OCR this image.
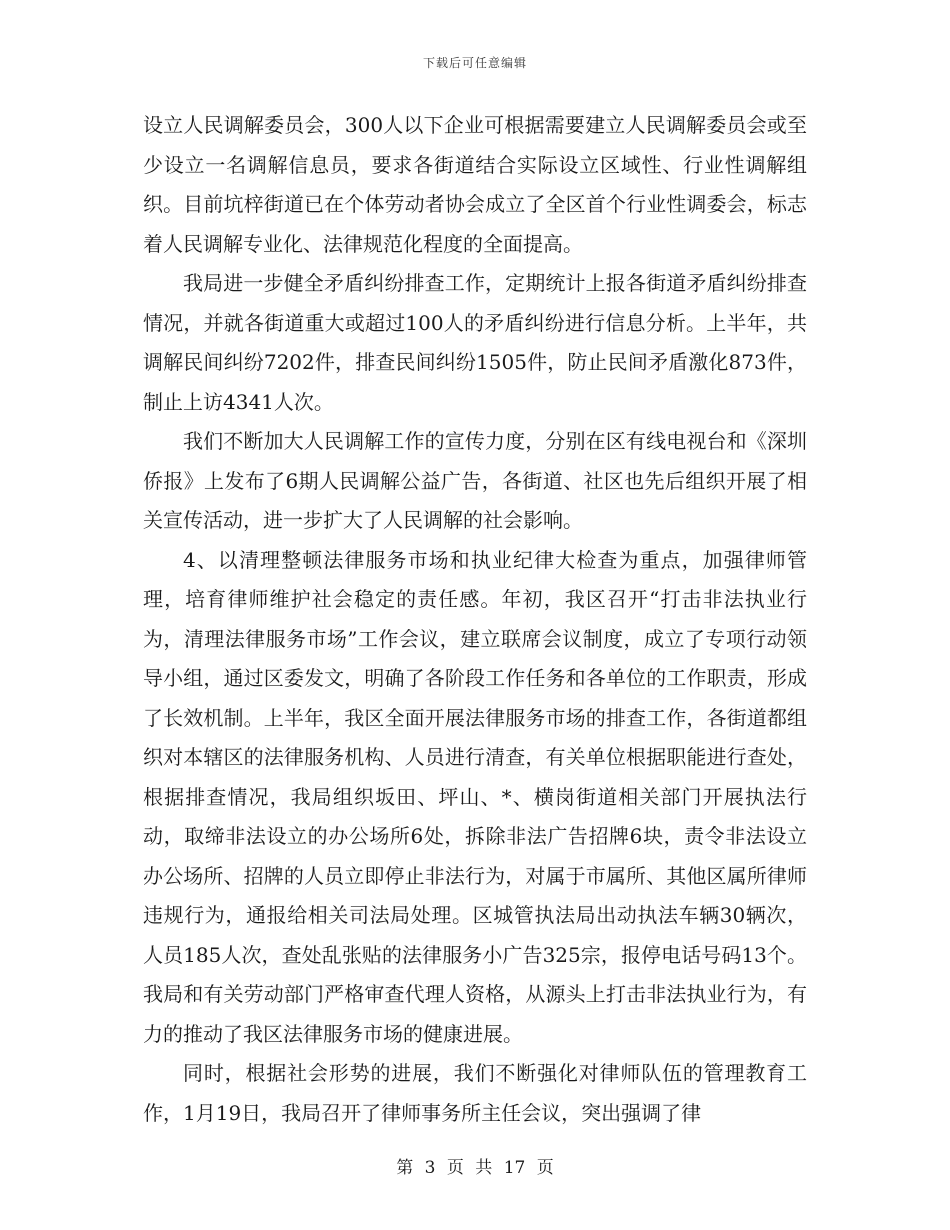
下载后可任意编辑

设立人民调解委员会，300人以下企业可根据需要建立人民调解委员会或至少设立一名调解信息员，要求各街道结合实际设立区域性、行业性调解组织。目前坑梓街道已在个体劳动者协会成立了全区首个行业性调委会，标志着人民调解专业化、法律规范化程度的全面提高。

我局进一步健全矛盾纠纷排查工作，定期统计上报各街道矛盾纠纷排查情况，并就各街道重大或超过100人的矛盾纠纷进行信息分析。上半年，共调解民间纠纷7202件，排查民间纠纷1505件，防止民间矛盾激化873件，制止上访4341人次。

我们不断加大人民调解工作的宣传力度，分别在区有线电视台和《深圳侨报》上发布了6期人民调解公益广告，各街道、社区也先后组织开展了相关宣传活动，进一步扩大了人民调解的社会影响。

4、以清理整顿法律服务市场和执业纪律大检查为重点，加强律师管理，培育律师维护社会稳定的责任感。年初，我区召开“打击非法执业行为，清理法律服务市场”工作会议，建立联席会议制度，成立了专项行动领导小组，通过区委发文，明确了各阶段工作任务和各单位的工作职责，形成了长效机制。上半年，我区全面开展法律服务市场的排查工作，各街道都组织对本辖区的法律服务机构、人员进行清查，有关单位根据职能进行查处，根据排查情况，我局组织坂田、坪山、*、横岗街道相关部门开展执法行动，取缔非法设立的办公场所6处，拆除非法广告招牌6块，责令非法设立办公场所、招牌的人员立即停止非法行为，对属于市属所、其他区属所律师违规行为，通报给相关司法局处理。区城管执法局出动执法车辆30辆次，人员185人次，查处乱张贴的法律服务小广告325宗，报停电话号码13个。我局和有关劳动部门严格审查代理人资格，从源头上打击非法执业行为，有力的推动了我区法律服务市场的健康进展。

同时，根据社会形势的进展，我们不断强化对律师队伍的管理教育工作，1月19日，我局召开了律师事务所主任会议，突出强调了律

第 3 页 共 17 页
